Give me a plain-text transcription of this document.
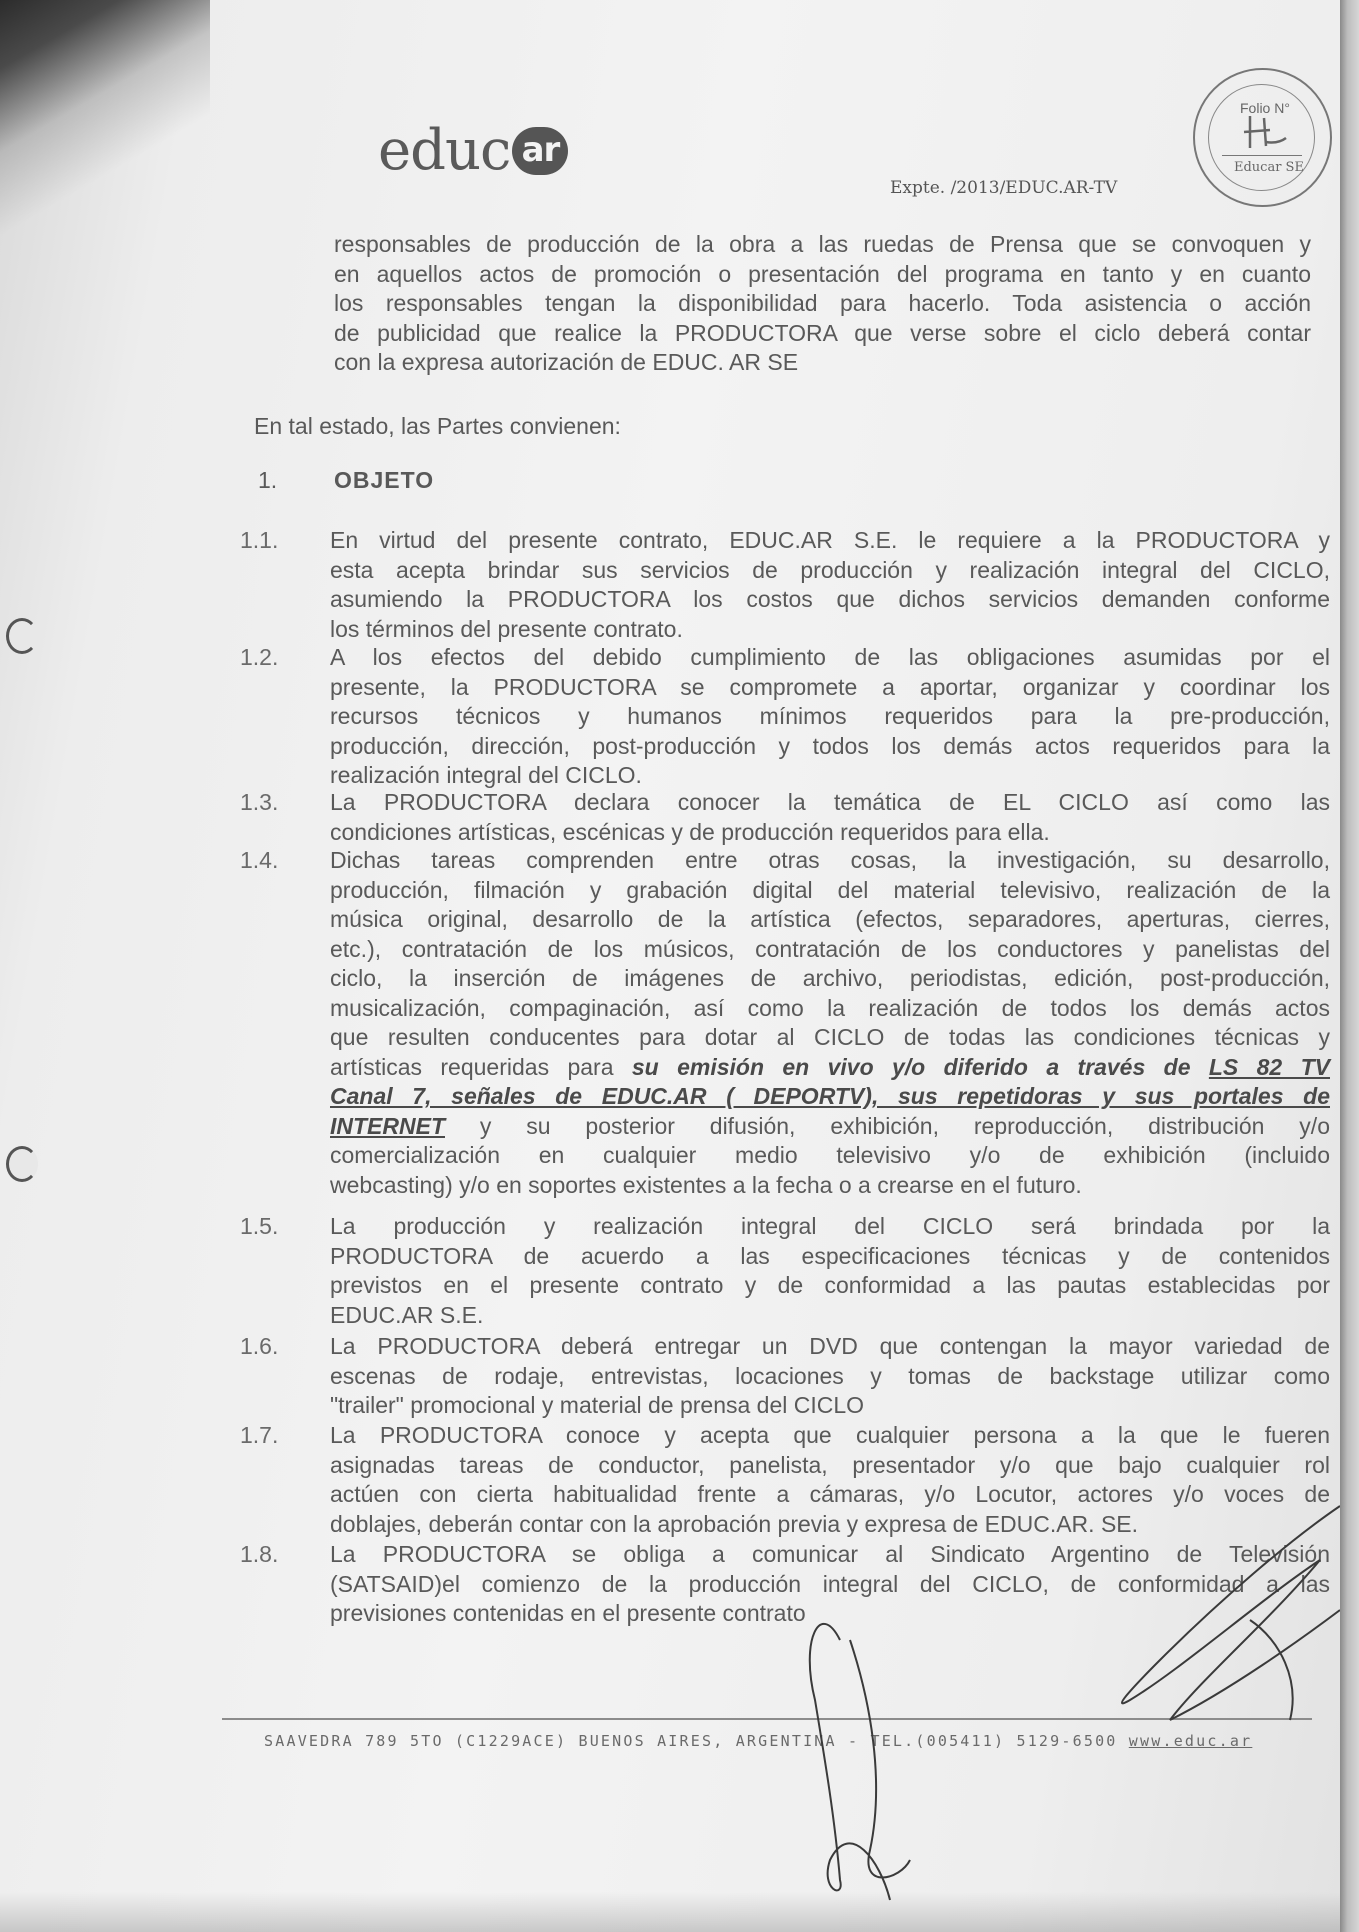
educ ar
Expte. /2013/EDUC.AR-TV
Folio N°
Educar SE
responsables de producción de la obra a las ruedas de Prensa que se convoquen y
en aquellos actos de promoción o presentación del programa en tanto y en cuanto
los responsables tengan la disponibilidad para hacerlo. Toda asistencia o acción
de publicidad que realice la PRODUCTORA que verse sobre el ciclo deberá contar
con la expresa autorización de EDUC. AR SE
En tal estado, las Partes convienen:
1. OBJETO
1.1.	En virtud del presente contrato, EDUC.AR S.E. le requiere a la PRODUCTORA y
esta acepta brindar sus servicios de producción y realización integral del CICLO,
asumiendo la PRODUCTORA los costos que dichos servicios demanden conforme
los términos del presente contrato.
1.2.	A los efectos del debido cumplimiento de las obligaciones asumidas por el
presente, la PRODUCTORA se compromete a aportar, organizar y coordinar los
recursos técnicos y humanos mínimos requeridos para la pre-producción,
producción, dirección, post-producción y todos los demás actos requeridos para la
realización integral del CICLO.
1.3.	La PRODUCTORA declara conocer la temática de EL CICLO así como las
condiciones artísticas, escénicas y de producción requeridos para ella.
1.4.	Dichas tareas comprenden entre otras cosas, la investigación, su desarrollo,
producción, filmación y grabación digital del material televisivo, realización de la
música original, desarrollo de la artística (efectos, separadores, aperturas, cierres,
etc.), contratación de los músicos, contratación de los conductores y panelistas del
ciclo, la inserción de imágenes de archivo, periodistas, edición, post-producción,
musicalización, compaginación, así como la realización de todos los demás actos
que resulten conducentes para dotar al CICLO de todas las condiciones técnicas y
artísticas requeridas para su emisión en vivo y/o diferido a través de LS 82 TV
Canal 7, señales de EDUC.AR ( DEPORTV), sus repetidoras y sus portales de
INTERNET y su posterior difusión, exhibición, reproducción, distribución y/o
comercialización en cualquier medio televisivo y/o de exhibición (incluido
webcasting) y/o en soportes existentes a la fecha o a crearse en el futuro.
1.5.	La producción y realización integral del CICLO será brindada por la
PRODUCTORA de acuerdo a las especificaciones técnicas y de contenidos
previstos en el presente contrato y de conformidad a las pautas establecidas por
EDUC.AR S.E.
1.6.	La PRODUCTORA deberá entregar un DVD que contengan la mayor variedad de
escenas de rodaje, entrevistas, locaciones y tomas de backstage utilizar como
"trailer" promocional y material de prensa del CICLO
1.7.	La PRODUCTORA conoce y acepta que cualquier persona a la que le fueren
asignadas tareas de conductor, panelista, presentador y/o que bajo cualquier rol
actúen con cierta habitualidad frente a cámaras, y/o Locutor, actores y/o voces de
doblajes, deberán contar con la aprobación previa y expresa de EDUC.AR. SE.
1.8.	La PRODUCTORA se obliga a comunicar al Sindicato Argentino de Televisión
(SATSAID)el comienzo de la producción integral del CICLO, de conformidad a las
previsiones contenidas en el presente contrato
SAAVEDRA 789 5TO (C1229ACE) BUENOS AIRES, ARGENTINA - TEL.(005411) 5129-6500 www.educ.ar
